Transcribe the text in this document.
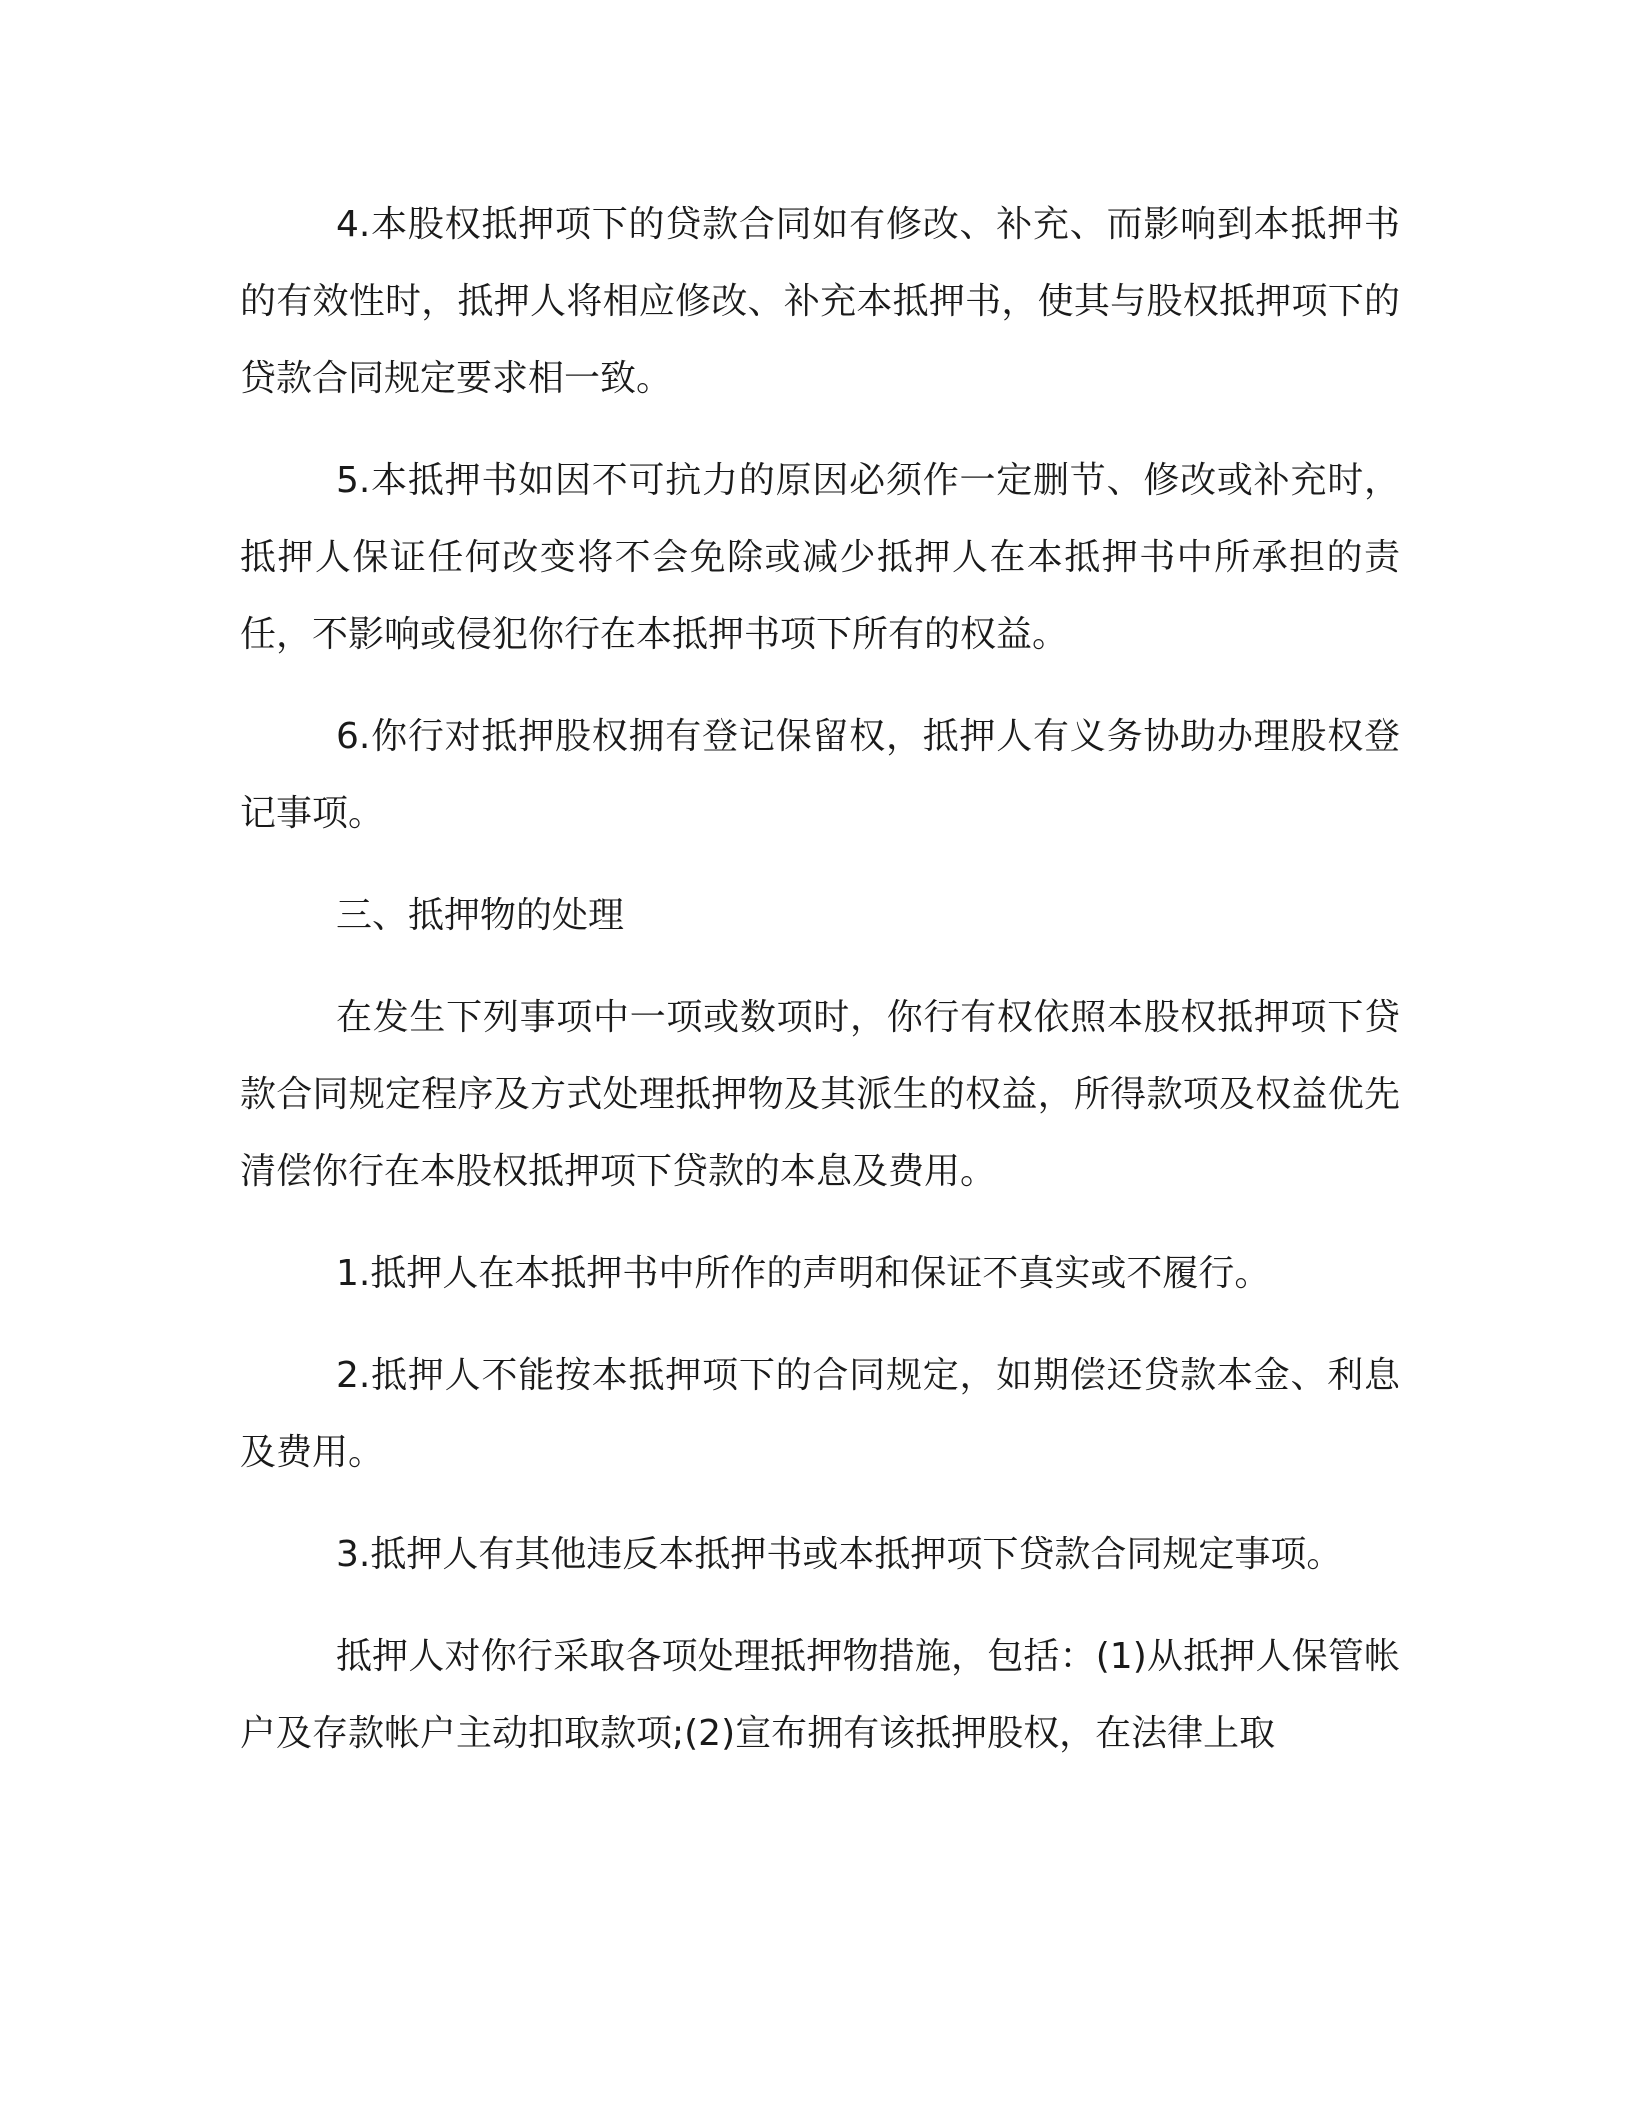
4.本股权抵押项下的贷款合同如有修改、补充、而影响到本抵押书的有效性时，抵押人将相应修改、补充本抵押书，使其与股权抵押项下的贷款合同规定要求相一致。

5.本抵押书如因不可抗力的原因必须作一定删节、修改或补充时，抵押人保证任何改变将不会免除或减少抵押人在本抵押书中所承担的责任，不影响或侵犯你行在本抵押书项下所有的权益。

6.你行对抵押股权拥有登记保留权，抵押人有义务协助办理股权登记事项。

三、抵押物的处理

在发生下列事项中一项或数项时，你行有权依照本股权抵押项下贷款合同规定程序及方式处理抵押物及其派生的权益，所得款项及权益优先清偿你行在本股权抵押项下贷款的本息及费用。

1.抵押人在本抵押书中所作的声明和保证不真实或不履行。

2.抵押人不能按本抵押项下的合同规定，如期偿还贷款本金、利息及费用。

3.抵押人有其他违反本抵押书或本抵押项下贷款合同规定事项。

抵押人对你行采取各项处理抵押物措施，包括：(1)从抵押人保管帐户及存款帐户主动扣取款项;(2)宣布拥有该抵押股权，在法律上取
